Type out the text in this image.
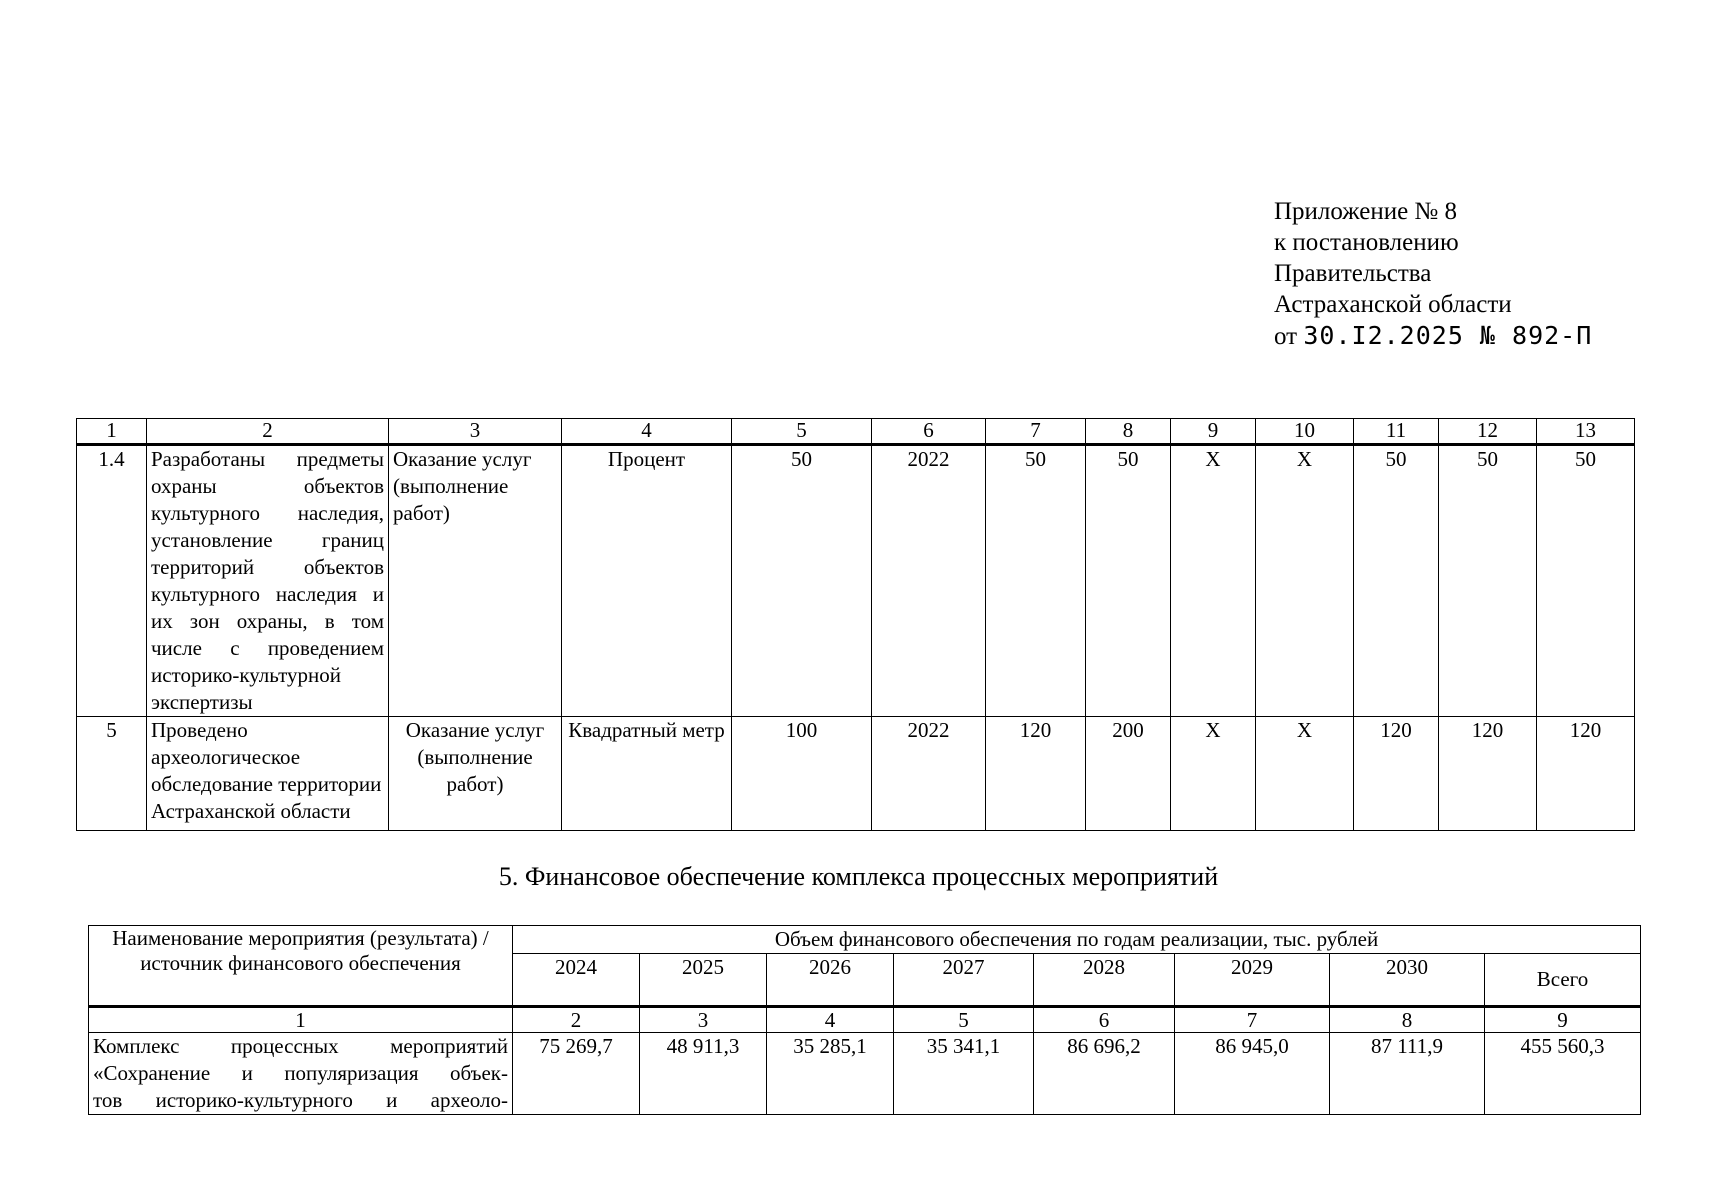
Приложение № 8
к постановлению
Правительства
Астраханской области
от 30.I2.2025 № 892-П
1	2	3	4	5	6	7	8	9	10	11	12	13
1.4	Разработаны предметы охраны объектов культурного наследия, установление границ территорий объектов культурного наследия и их зон охраны, в том числе с проведением историко-культурной экспертизы	Оказание услуг (выполнение работ)	Процент	50	2022	50	50	X	X	50	50	50
5	Проведено археологическое обследование территории Астраханской области	Оказание услуг (выполнение работ)	Квадратный метр	100	2022	120	200	X	X	120	120	120
5. Финансовое обеспечение комплекса процессных мероприятий
Наименование мероприятия (результата) / источник финансового обеспечения	Объем финансового обеспечения по годам реализации, тыс. рублей							
	2024	2025	2026	2027	2028	2029	2030	Всего
1	2	3	4	5	6	7	8	9

Комплекс процессных мероприятий
«Сохранение и популяризация объек-
тов историко-культурного и археоло-	75 269,7	48 911,3	35 285,1	35 341,1	86 696,2	86 945,0	87 111,9	455 560,3
